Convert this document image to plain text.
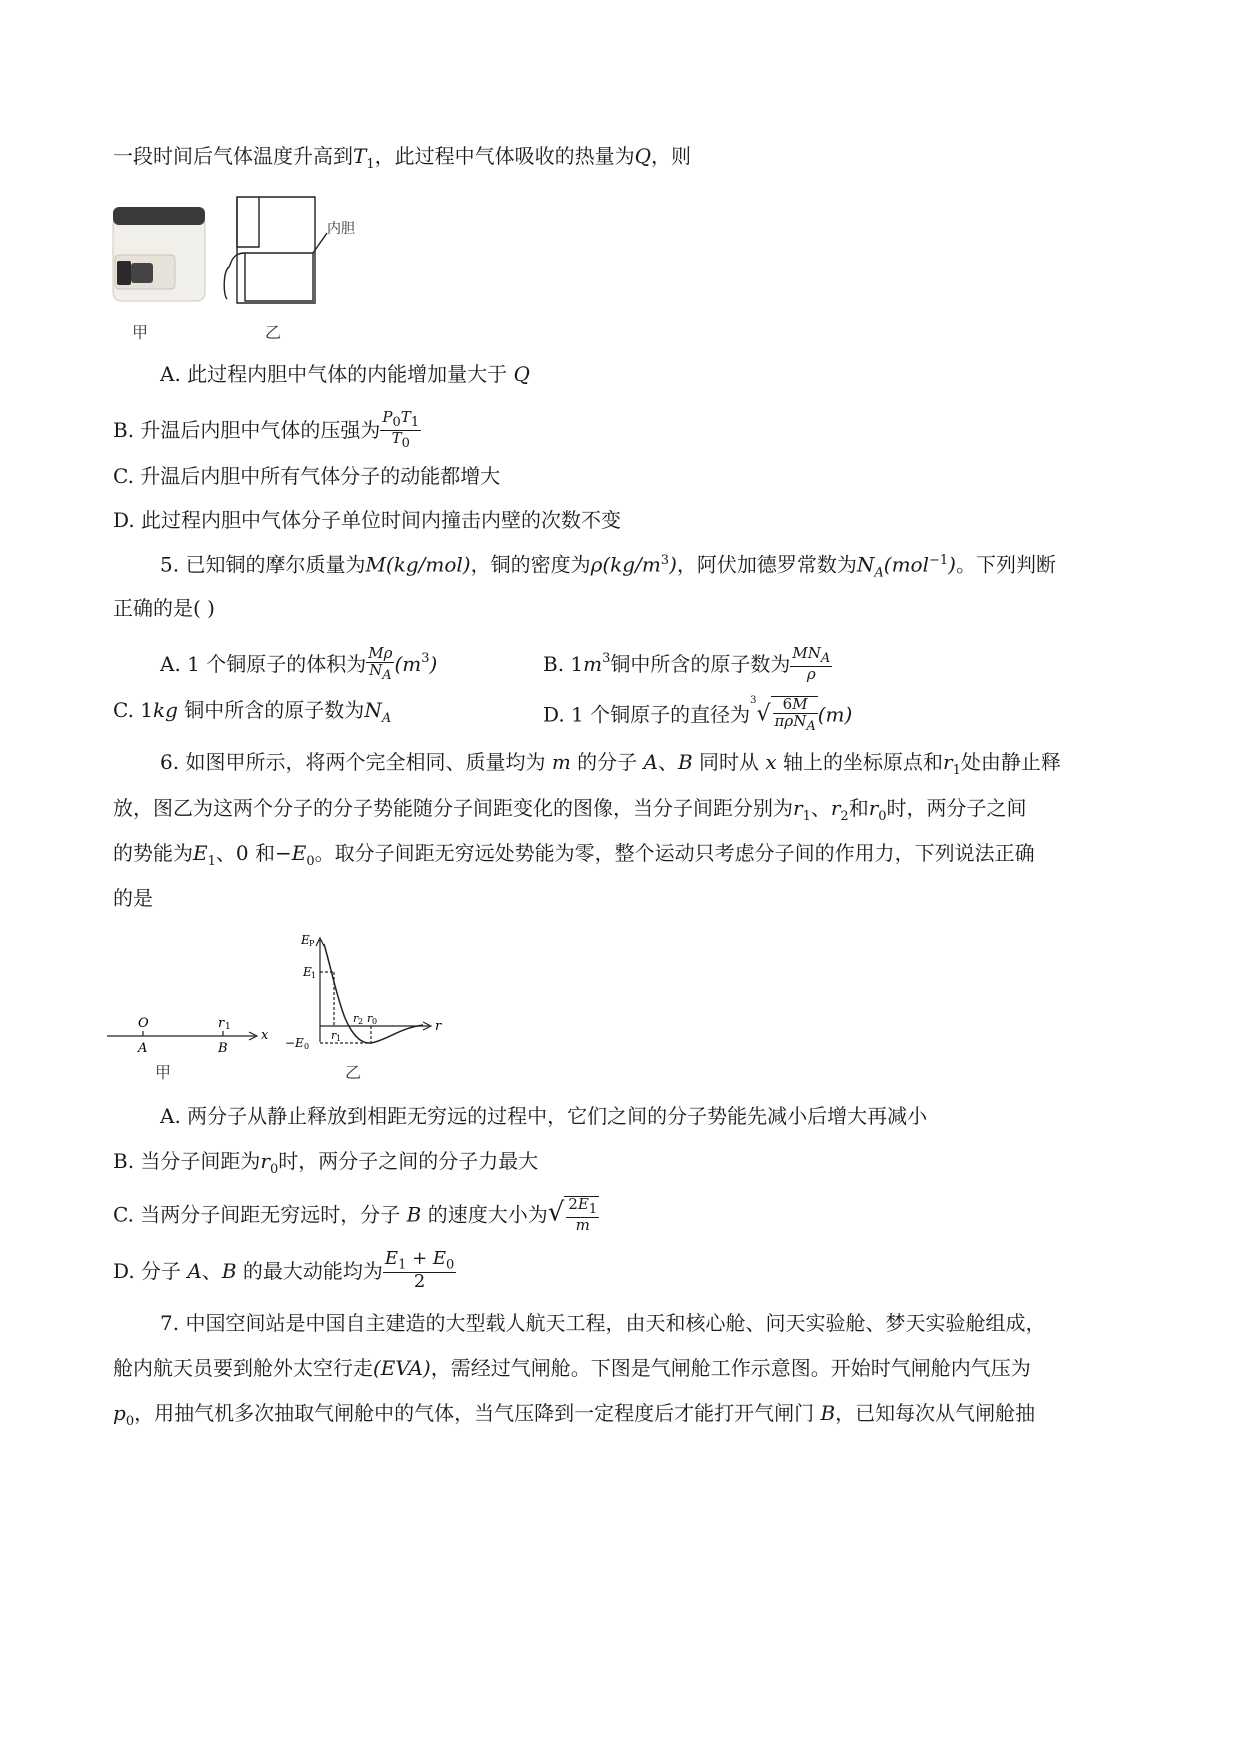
一段时间后气体温度升高到$T_1$，此过程中气体吸收的热量为Q，则
内胆
甲	乙
A. 此过程内胆中气体的内能增加量大于 Q
B. 升温后内胆中气体的压强为 $\frac{P_0T_1}{T_0}$
C. 升温后内胆中所有气体分子的动能都增大
D. 此过程内胆中气体分子单位时间内撞击内壁的次数不变
5. 已知铜的摩尔质量为M(kg/mol)，铜的密度为$\rho(kg/m^3)$，阿伏加德罗常数为$N_A(mol^{-1})$。下列判断
正确的是( )
A. 1 个铜原子的体积为 $\frac{M\rho}{N_A} (m^3)$	B. $1m^3$铜中所含的原子数为 $\frac{MN_A}{\rho}$
C. 1kg 铜中所含的原子数为$N_A$	D. 1 个铜原子的直径为$^3√ \frac{6M}{\pi\rho N_A} (m)$
6. 如图甲所示，将两个完全相同、质量均为 m 的分子 A、B 同时从 x 轴上的坐标原点和$r_1$处由静止释
放，图乙为这两个分子的分子势能随分子间距变化的图像，当分子间距分别为$r_1$、$r_2$和$r_0$时，两分子之间
的势能为$E_1$、0 和$-E_0$。取分子间距无穷远处势能为零，整个运动只考虑分子间的作用力，下列说法正确
的是
O
A
r 1
B
x
E P
E 1
−E 0
r 1
r 2 r 0	r
甲	乙
A. 两分子从静止释放到相距无穷远的过程中，它们之间的分子势能先减小后增大再减小
B. 当分子间距为$r_0$时，两分子之间的分子力最大
C. 当两分子间距无穷远时，分子 B 的速度大小为√ $\frac{2E_1}{m}$
D. 分子 A、B 的最大动能均为 $\frac{E_1 + E_0}{2}$
7. 中国空间站是中国自主建造的大型载人航天工程，由天和核心舱、问天实验舱、梦天实验舱组成，
舱内航天员要到舱外太空行走(EVA)，需经过气闸舱。下图是气闸舱工作示意图。开始时气闸舱内气压为
$p_0$，用抽气机多次抽取气闸舱中的气体，当气压降到一定程度后才能打开气闸门 B，已知每次从气闸舱抽
